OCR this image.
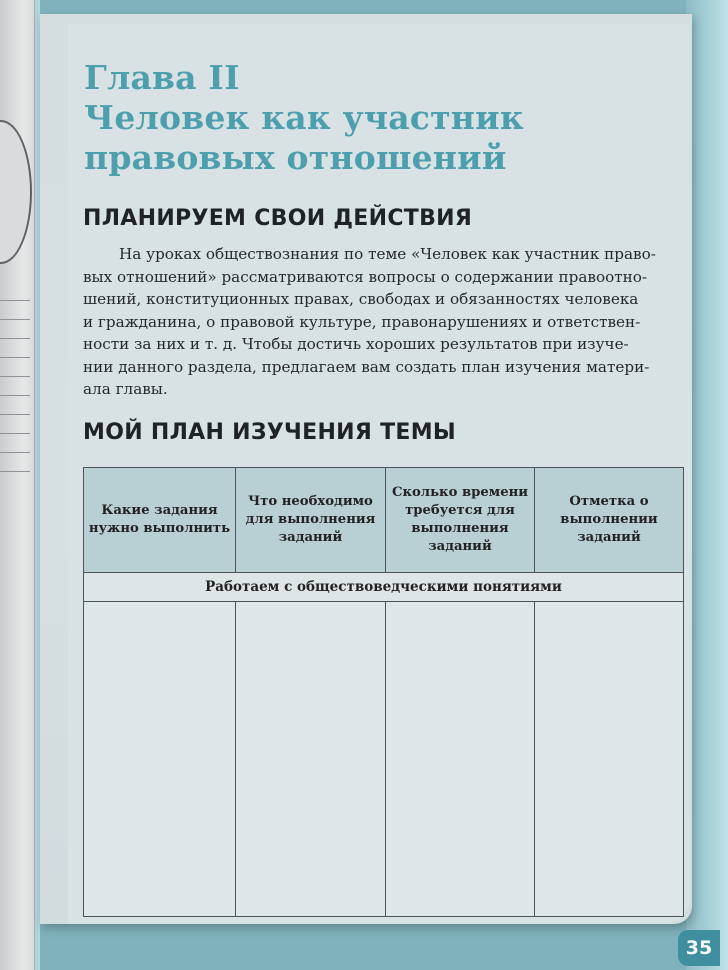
Глава II
Человек как участник
правовых отношений
ПЛАНИРУЕМ СВОИ ДЕЙСТВИЯ
На уроках обществознания по теме «Человек как участник право-
вых отношений» рассматриваются вопросы о содержании правоотно-
шений, конституционных правах, свободах и обязанностях человека
и гражданина, о правовой культуре, правонарушениях и ответствен-
ности за них и т. д. Чтобы достичь хороших результатов при изуче-
нии данного раздела, предлагаем вам создать план изучения матери-
ала главы.
МОЙ ПЛАН ИЗУЧЕНИЯ ТЕМЫ
Какие задания нужно выполнить	Что необходимо для выполнения заданий	Сколько времени требуется для выполнения заданий	Отметка о выполнении заданий
Работаем с обществоведческими понятиями			

35
